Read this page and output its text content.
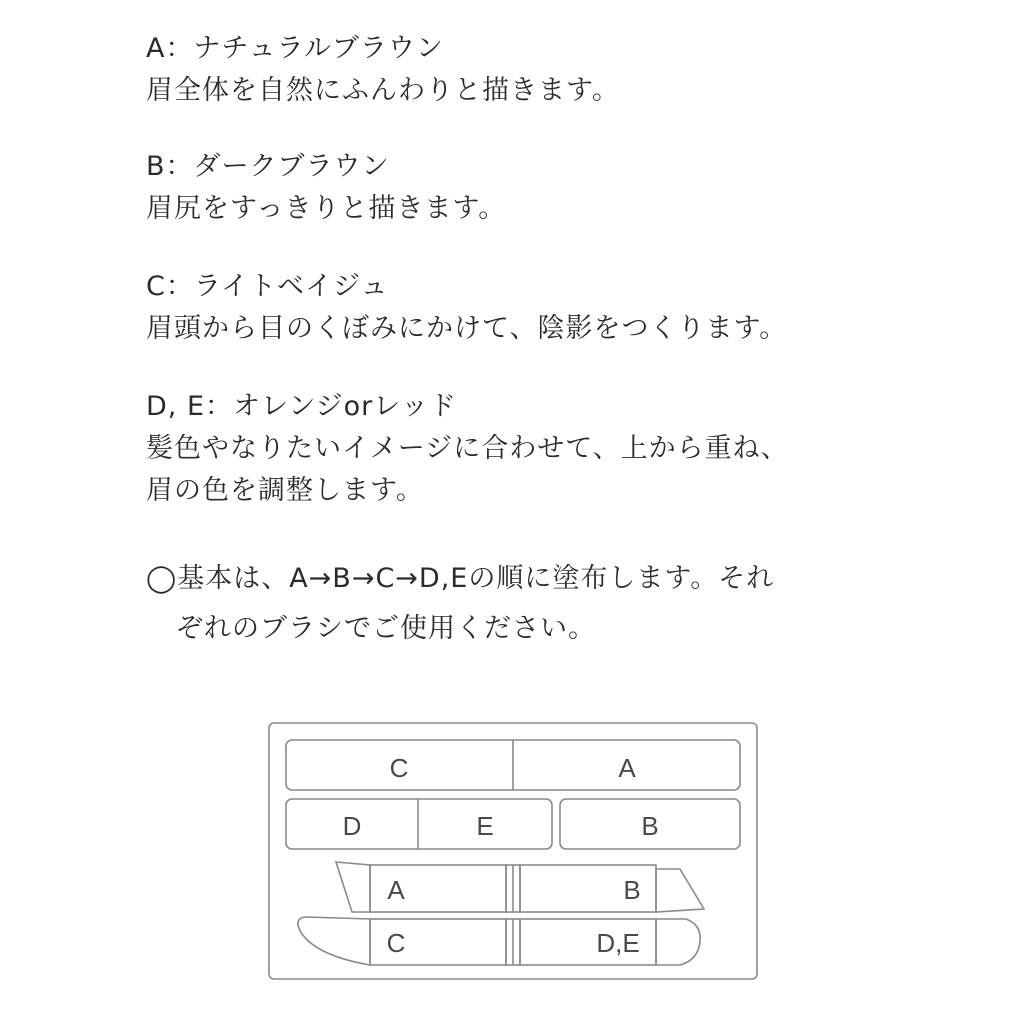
A：ナチュラルブラウン
眉全体を自然にふんわりと描きます。
B：ダークブラウン
眉尻をすっきりと描きます。
C：ライトベイジュ
眉頭から目のくぼみにかけて、陰影をつくります。
D, E：オレンジorレッド
髪色やなりたいイメージに合わせて、上から重ね、
眉の色を調整します。
◯基本は、A→B→C→D,Eの順に塗布します。それ
ぞれのブラシでご使用ください。
C	A
D	E	B
A	B
C	D,E
